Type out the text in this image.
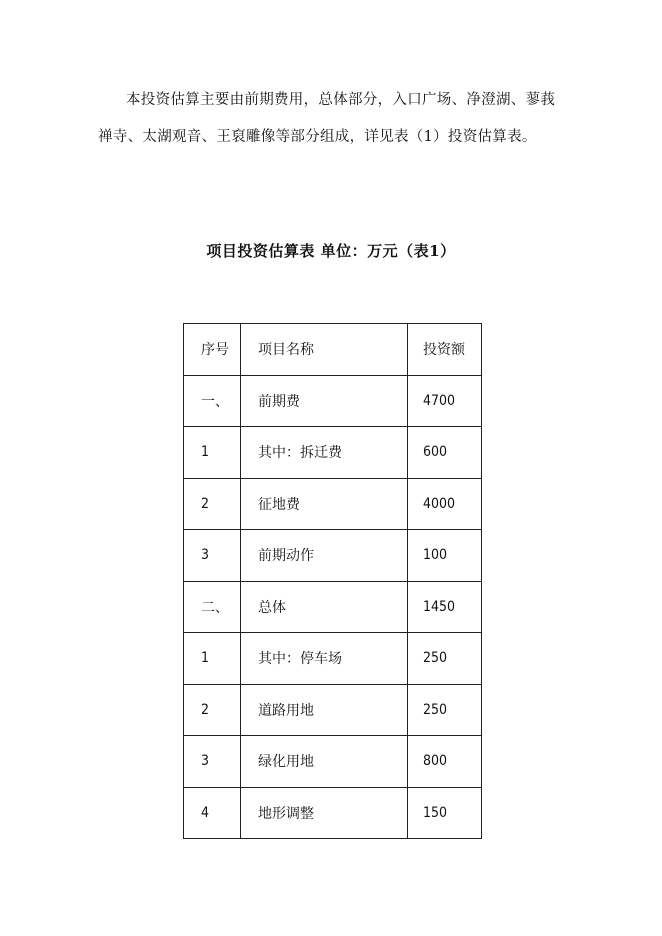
本投资估算主要由前期费用，总体部分，入口广场、净澄湖、蓼莪禅寺、太湖观音、王裒雕像等部分组成，详见表（1）投资估算表。

项目投资估算表 单位：万元（表1）
序号	项目名称	投资额
一、	前期费	4700
1	其中：拆迁费	600
2	征地费	4000
3	前期动作	100
二、	总体	1450
1	其中：停车场	250
2	道路用地	250
3	绿化用地	800
4	地形调整	150
